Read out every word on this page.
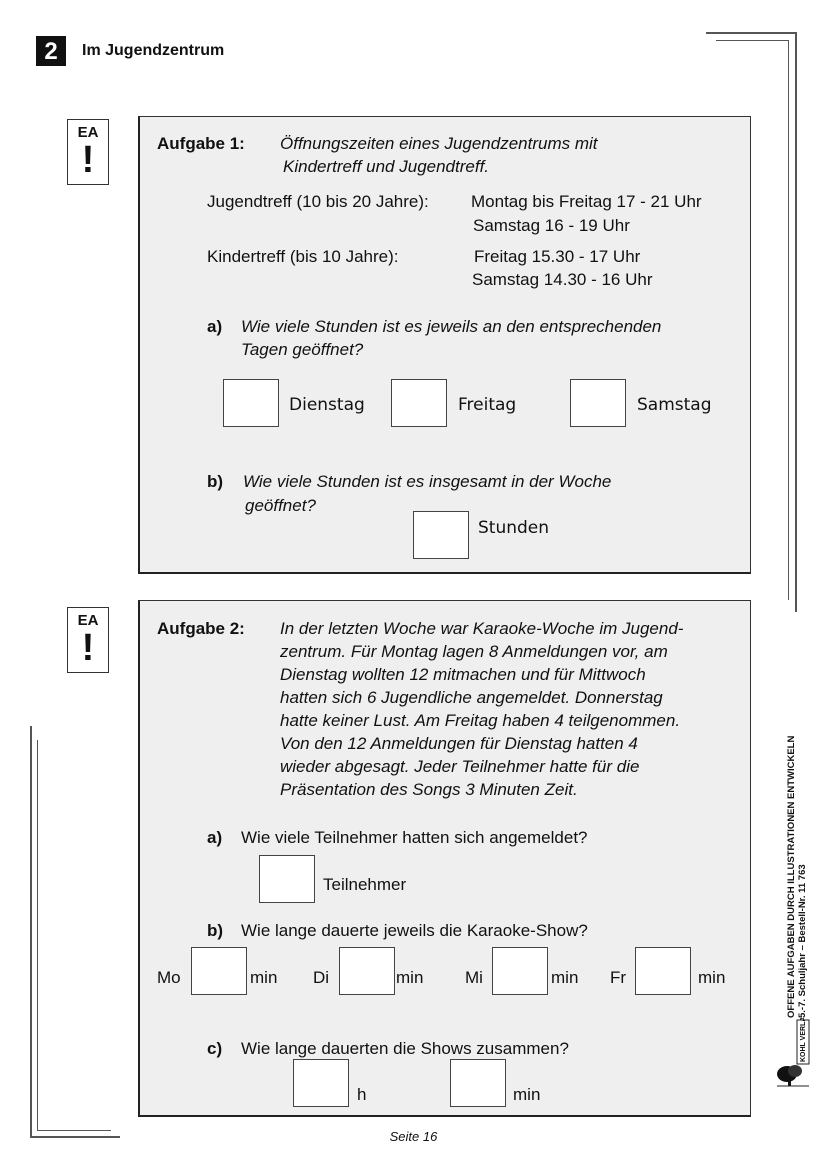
2	Im Jugendzentrum
EA
!	Aufgabe 1: Öffnungszeiten eines Jugendzentrums mit
Kindertreff und Jugendtreff.
Jugendtreff (10 bis 20 Jahre): Montag bis Freitag 17 - 21 Uhr
Samstag 16 - 19 Uhr
Kindertreff (bis 10 Jahre):	Freitag 15.30 - 17 Uhr
Samstag 14.30 - 16 Uhr
a) Wie viele Stunden ist es jeweils an den entsprechenden
Tagen geöffnet?
Dienstag	Freitag	Samstag
b) Wie viele Stunden ist es insgesamt in der Woche
geöffnet?
Stunden
EA
!	Aufgabe 2: In der letzten Woche war Karaoke-Woche im Jugend-
zentrum. Für Montag lagen 8 Anmeldungen vor, am
Dienstag wollten 12 mitmachen und für Mittwoch
hatten sich 6 Jugendliche angemeldet. Donnerstag
hatte keiner Lust. Am Freitag haben 4 teilgenommen.
Von den 12 Anmeldungen für Dienstag hatten 4
wieder abgesagt. Jeder Teilnehmer hatte für die
Präsentation des Songs 3 Minuten Zeit.
a) Wie viele Teilnehmer hatten sich angemeldet?
Teilnehmer
b) Wie lange dauerte jeweils die Karaoke-Show?
Mo	min Di	min Mi	min Fr	min
c) Wie lange dauerten die Shows zusammen?
h	min
OFFENE AUFGABEN DURCH ILLUSTRATIONEN ENTWICKELN 5.-7. Schuljahr – Bestell-Nr. 11 763
KOHL VERLAG
Seite 16
